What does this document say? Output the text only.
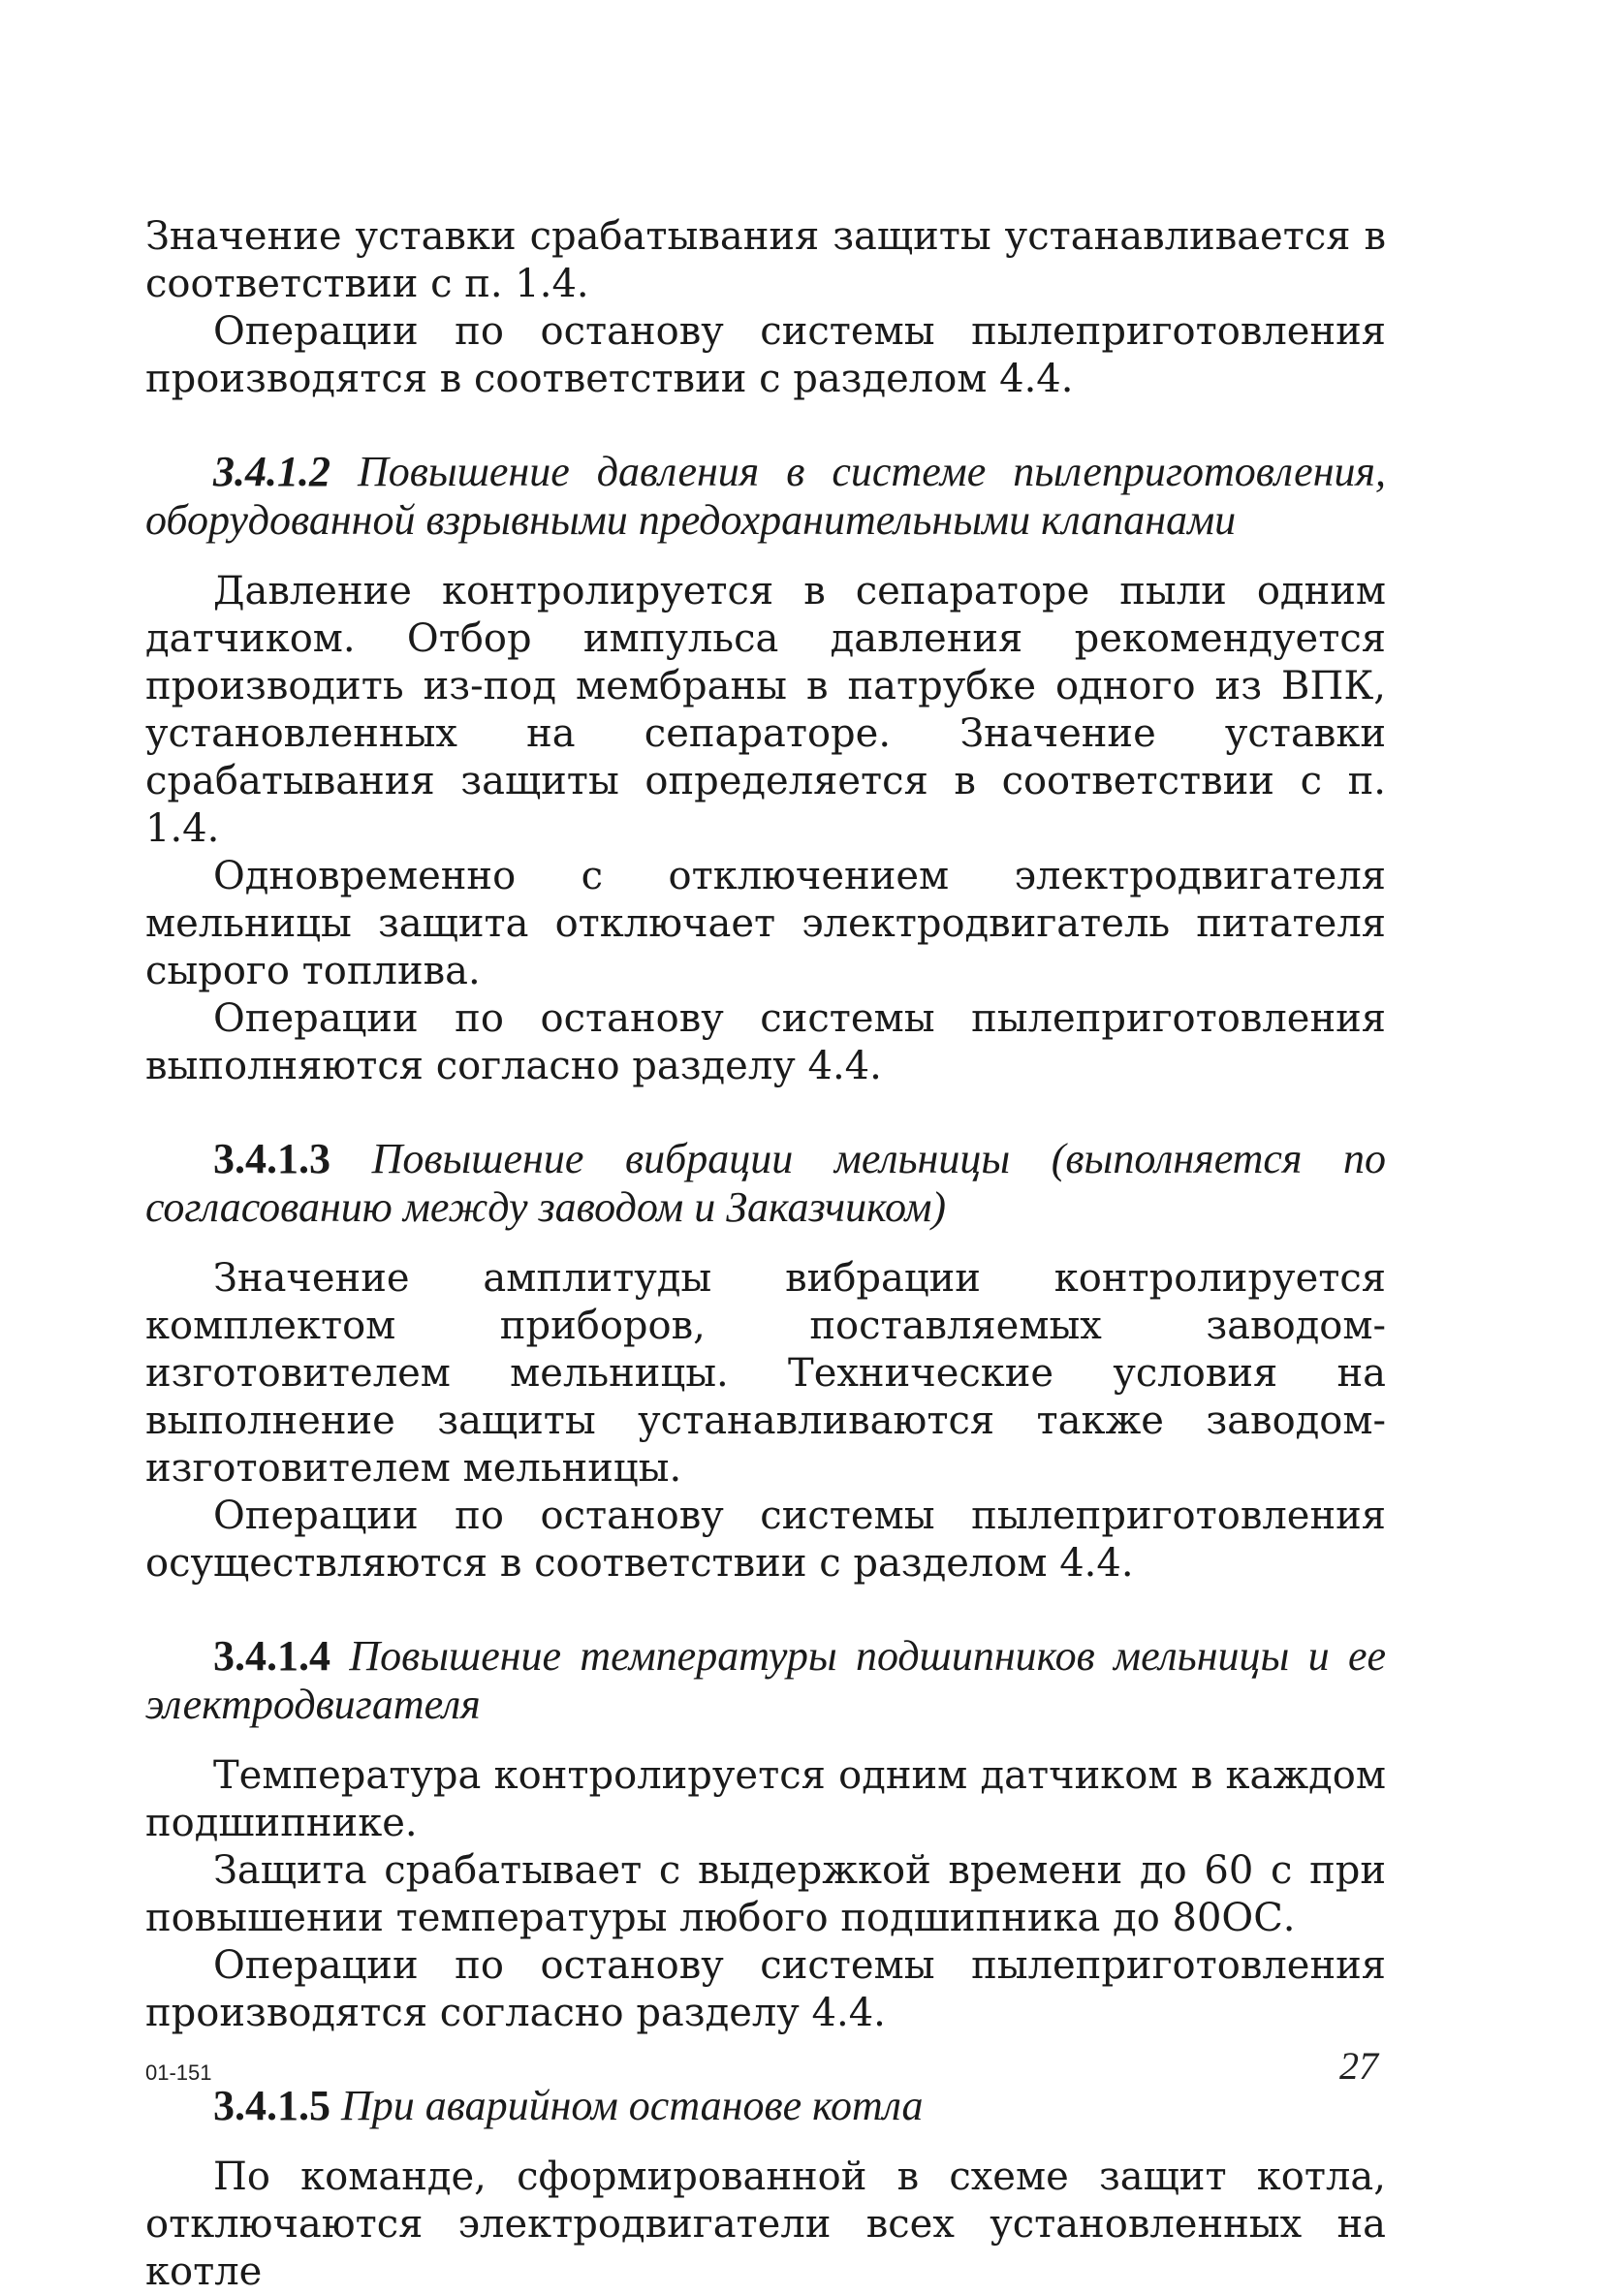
Значение уставки срабатывания защиты устанавливается в соответствии с п. 1.4.

Операции по останову системы пылеприготовления производятся в соответствии с разделом 4.4.

3.4.1.2 Повышение давления в системе пылеприготовления, оборудованной взрывными предохранительными клапанами

Давление контролируется в сепараторе пыли одним датчиком. Отбор импульса давления рекомендуется производить из-под мембраны в патрубке одного из ВПК, установленных на сепараторе. Значение уставки срабатывания защиты определяется в соответствии с п. 1.4.

Одновременно с отключением электродвигателя мельницы защита отключает электродвигатель питателя сырого топлива.

Операции по останову системы пылеприготовления выполняются согласно разделу 4.4.

3.4.1.3 Повышение вибрации мельницы (выполняется по согласованию между заводом и Заказчиком)

Значение амплитуды вибрации контролируется комплектом приборов, поставляемых заводом-изготовителем мельницы. Технические условия на выполнение защиты устанавливаются также заводом-изготовителем мельницы.

Операции по останову системы пылеприготовления осуществляются в соответствии с разделом 4.4.

3.4.1.4 Повышение температуры подшипников мельницы и ее электродвигателя

Температура контролируется одним датчиком в каждом подшипнике.

Защита срабатывает с выдержкой времени до 60 с при повышении температуры любого подшипника до 80ОС.

Операции по останову системы пылеприготовления производятся согласно разделу 4.4.

3.4.1.5 При аварийном останове котла

По команде, сформированной в схеме защит котла, отключаются электродвигатели всех установленных на котле

01-151	27
